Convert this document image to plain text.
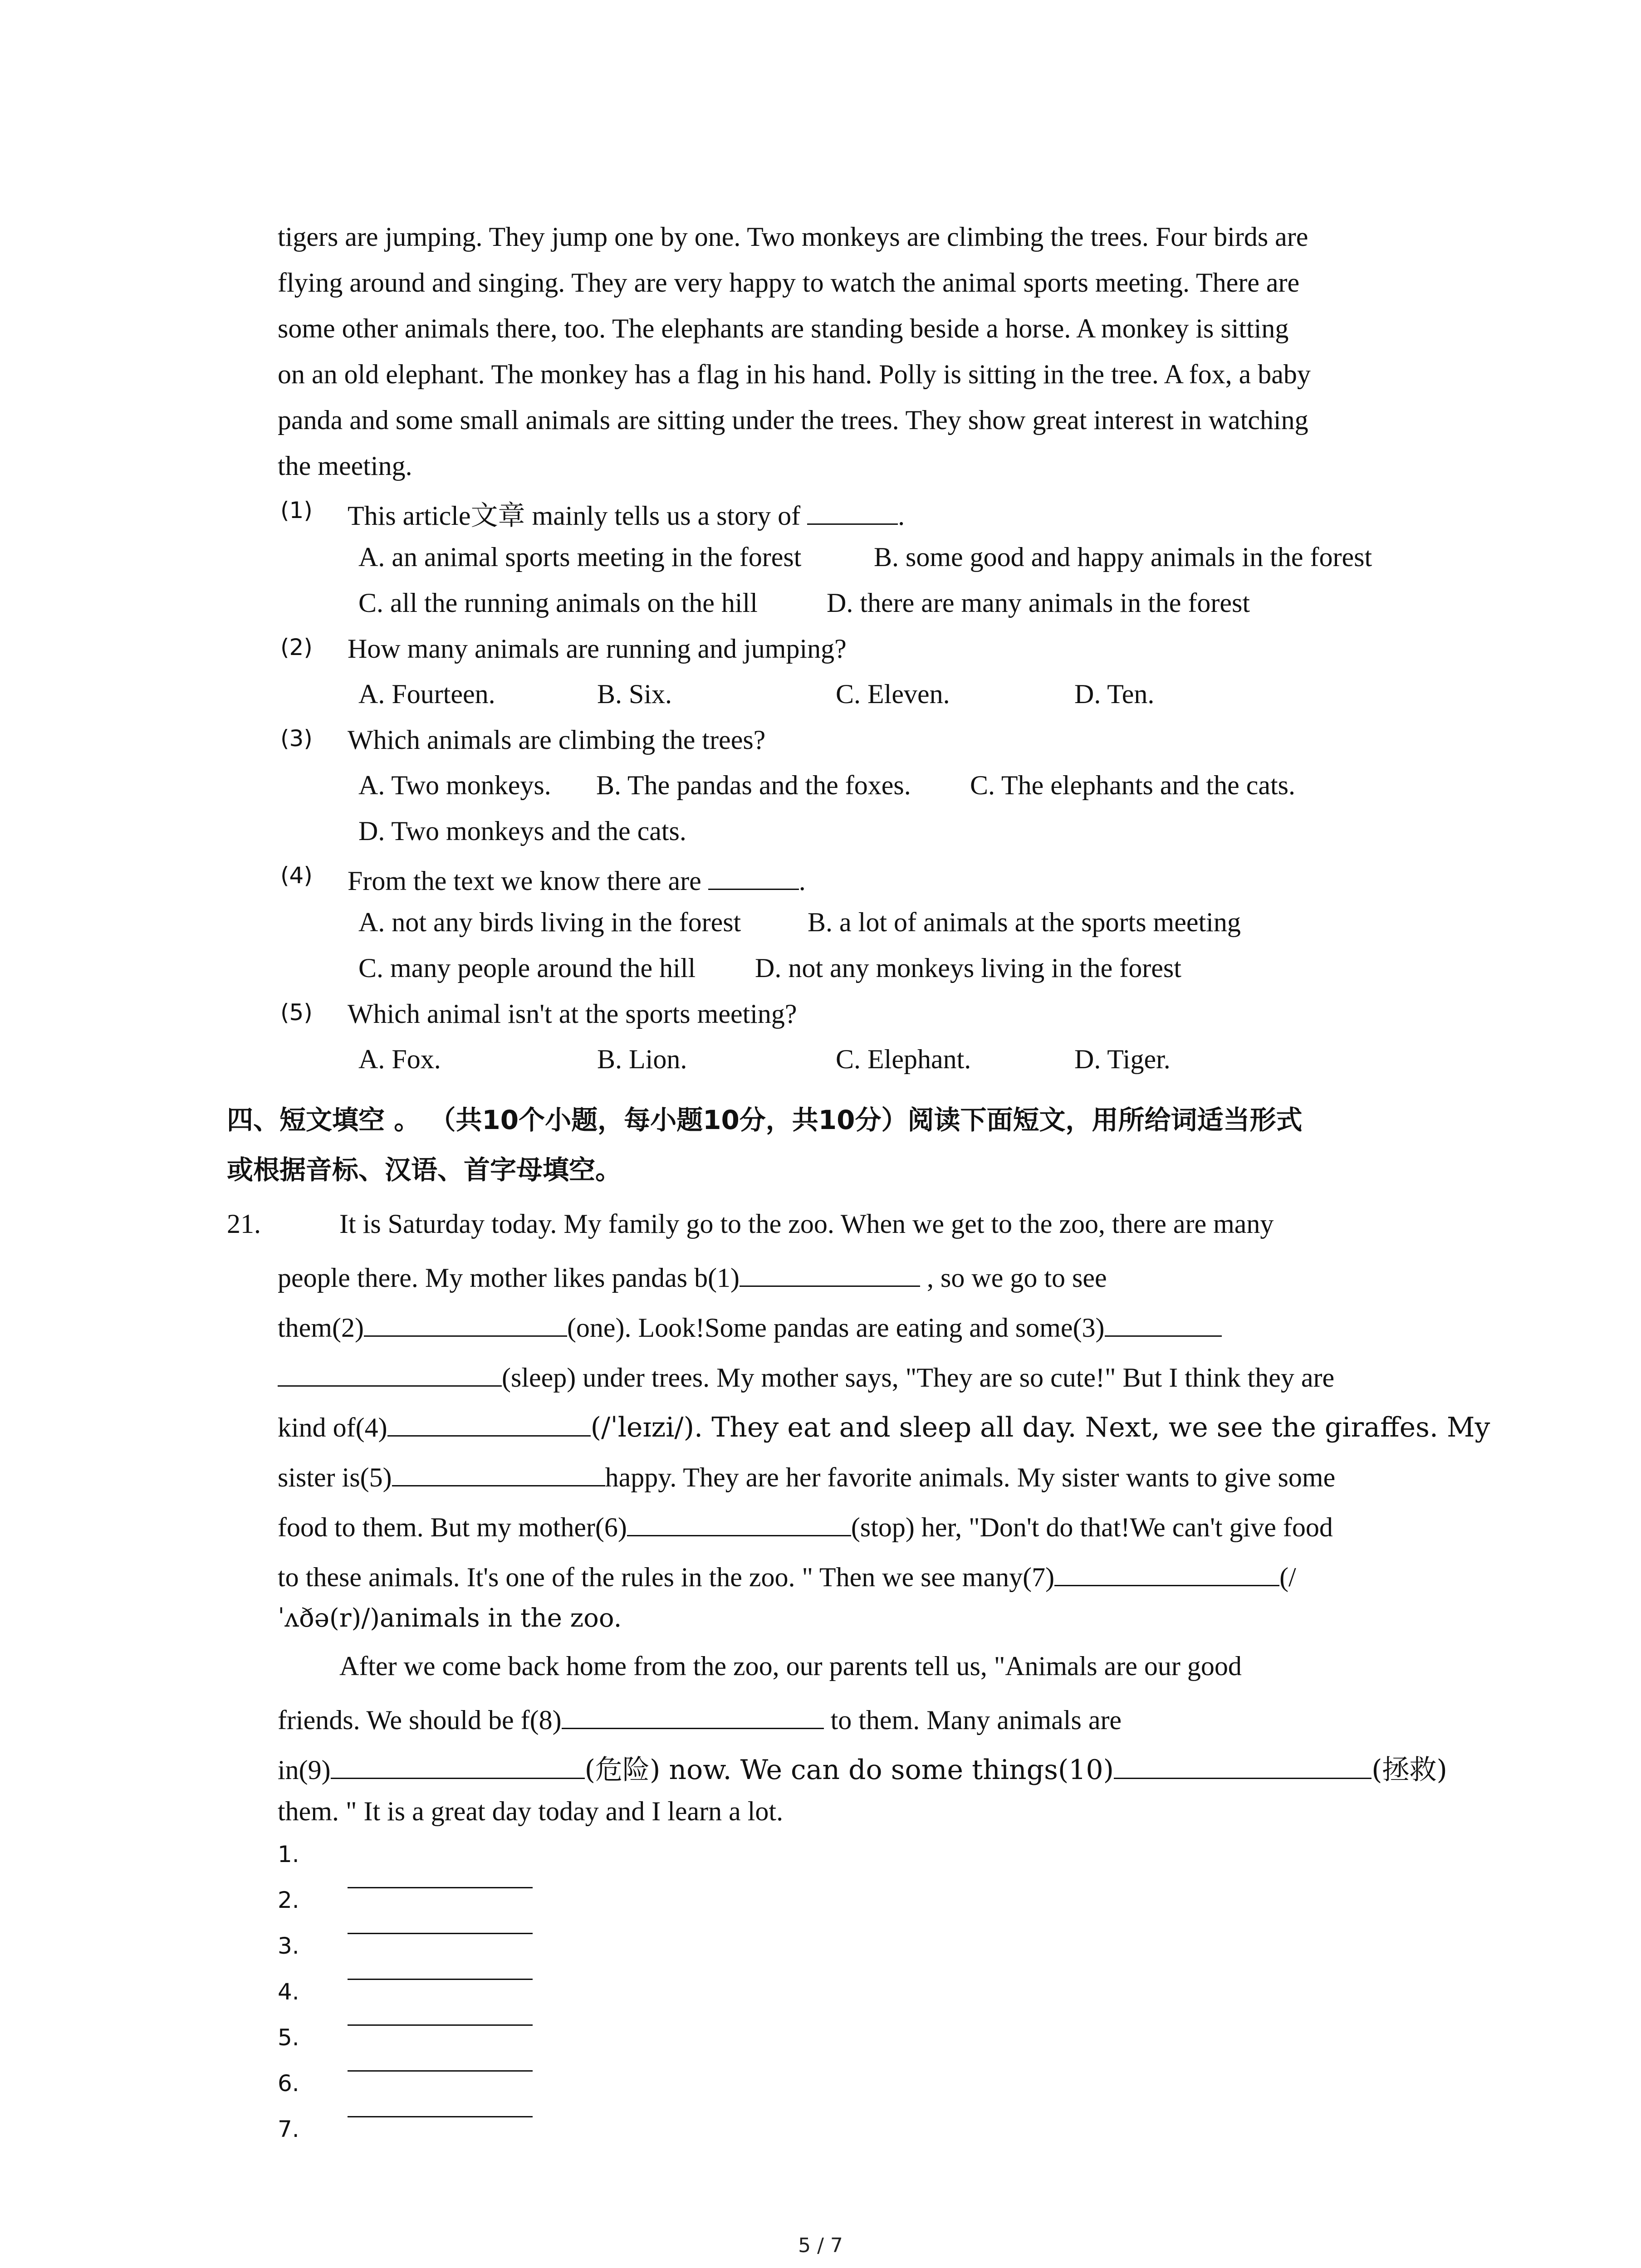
tigers are jumping. They jump one by one. Two monkeys are climbing the trees. Four birds are
flying around and singing. They are very happy to watch the animal sports meeting. There are
some other animals there, too. The elephants are standing beside a horse. A monkey is sitting
on an old elephant. The monkey has a flag in his hand. Polly is sitting in the tree. A fox, a baby
panda and some small animals are sitting under the trees. They show great interest in watching
the meeting.
(1) This article文章 mainly tells us a story of	.
A. an animal sports meeting in the forest	B. some good and happy animals in the forest
C. all the running animals on the hill	D. there are many animals in the forest
(2) How many animals are running and jumping?
A. Fourteen.	B. Six.	C. Eleven.	D. Ten.
(3) Which animals are climbing the trees?
A. Two monkeys. B. The pandas and the foxes. C. The elephants and the cats.
D. Two monkeys and the cats.
(4) From the text we know there are	.
A. not any birds living in the forest B. a lot of animals at the sports meeting
C. many people around the hill D. not any monkeys living in the forest
(5) Which animal isn't at the sports meeting?
A. Fox.	B. Lion.	C. Elephant.	D. Tiger.
四、短文填空 。 （共10个小题，每小题10分，共10分）阅读下面短文，用所给词适当形式
或根据音标、汉语、首字母填空。
21.	It is Saturday today. My family go to the zoo. When we get to the zoo, there are many
people there. My mother likes pandas b(1)	, so we go to see
them(2)	(one). Look!Some pandas are eating and some(3)
(sleep) under trees. My mother says, "They are so cute!" But I think they are
kind of(4)	(/ˈleɪzi/). They eat and sleep all day. Next, we see the giraffes. My
sister is(5)	happy. They are her favorite animals. My sister wants to give some
food to them. But my mother(6)	(stop) her, "Don't do that!We can't give food
to these animals. It's one of the rules in the zoo. " Then we see many(7)	(/
ˈʌðə(r)/)animals in the zoo.
After we come back home from the zoo, our parents tell us, "Animals are our good
friends. We should be f(8)	to them. Many animals are
in(9)	(危险) now. We can do some things(10)	(拯救)
them. " It is a great day today and I learn a lot.
1.
2.
3.
4.
5.
6.
7.
5 / 7
